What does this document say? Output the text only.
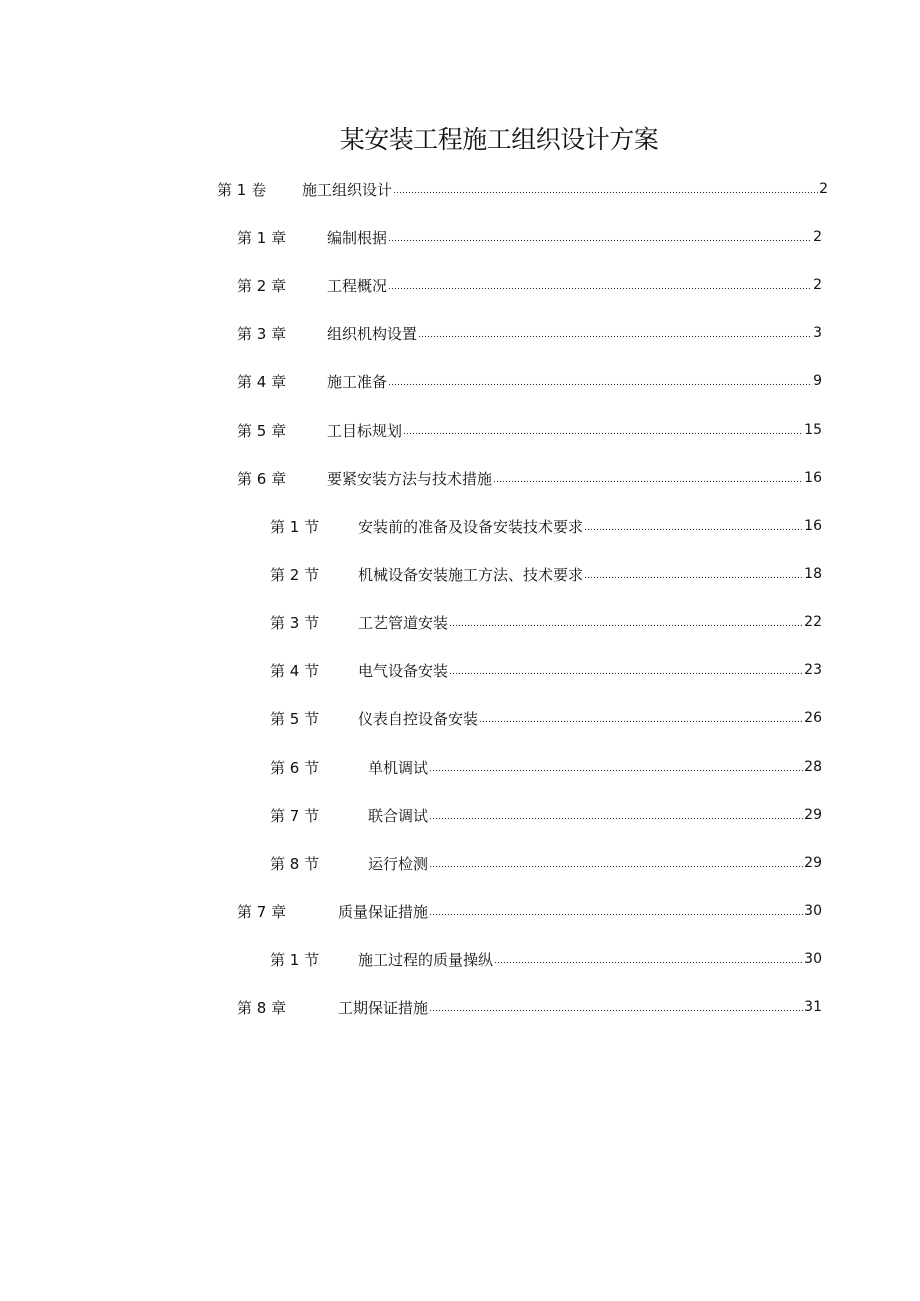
某安装工程施工组织设计方案
第 1 卷	施工组织设计	2
第 1 章	编制根据	2
第 2 章	工程概况	2
第 3 章	组织机构设置	3
第 4 章	施工准备	9
第 5 章	工目标规划	15
第 6 章	要紧安装方法与技术措施	16
第 1 节	安装前的准备及设备安装技术要求	16
第 2 节	机械设备安装施工方法、技术要求	18
第 3 节	工艺管道安装	22
第 4 节	电气设备安装	23
第 5 节	仪表自控设备安装	26
第 6 节	单机调试	28
第 7 节	联合调试	29
第 8 节	运行检测	29
第 7 章	质量保证措施	30
第 1 节	施工过程的质量操纵	30
第 8 章	工期保证措施	31
